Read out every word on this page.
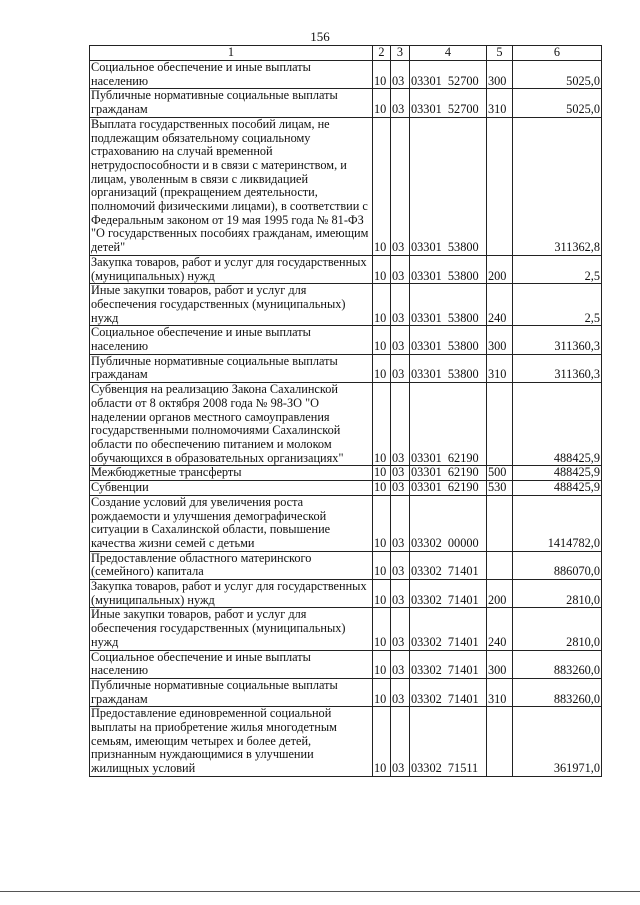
156
1	2	3	4	5	6
Социальное обеспечение и иные выплаты населению	10	03	03301  52700	300	5025,0
Публичные нормативные социальные выплаты гражданам	10	03	03301  52700	310	5025,0
Выплата государственных пособий лицам, не подлежащим обязательному социальному страхованию на случай временной нетрудоспособности и в связи с материнством, и лицам, уволенным в связи с ликвидацией организаций (прекращением деятельности, полномочий физическими лицами), в соответствии с Федеральным законом от 19 мая 1995 года № 81-ФЗ "О государственных пособиях гражданам, имеющим детей"	10	03	03301  53800		311362,8
Закупка товаров, работ и услуг для государственных (муниципальных) нужд	10	03	03301  53800	200	2,5
Иные закупки товаров, работ и услуг для обеспечения государственных (муниципальных) нужд	10	03	03301  53800	240	2,5
Социальное обеспечение и иные выплаты населению	10	03	03301  53800	300	311360,3
Публичные нормативные социальные выплаты гражданам	10	03	03301  53800	310	311360,3
Субвенция на реализацию Закона Сахалинской области от 8 октября 2008 года № 98-ЗО "О наделении органов местного самоуправления государственными полномочиями Сахалинской области по обеспечению питанием и молоком обучающихся в образовательных организациях"	10	03	03301  62190		488425,9
Межбюджетные трансферты	10	03	03301  62190	500	488425,9
Субвенции	10	03	03301  62190	530	488425,9
Создание условий для увеличения роста рождаемости и улучшения демографической ситуации в Сахалинской области, повышение качества жизни семей с детьми	10	03	03302  00000		1414782,0
Предоставление областного материнского (семейного) капитала	10	03	03302  71401		886070,0
Закупка товаров, работ и услуг для государственных (муниципальных) нужд	10	03	03302  71401	200	2810,0
Иные закупки товаров, работ и услуг для обеспечения государственных (муниципальных) нужд	10	03	03302  71401	240	2810,0
Социальное обеспечение и иные выплаты населению	10	03	03302  71401	300	883260,0
Публичные нормативные социальные выплаты гражданам	10	03	03302  71401	310	883260,0
Предоставление единовременной социальной выплаты на приобретение жилья многодетным семьям, имеющим четырех и более детей, признанным нуждающимися в улучшении жилищных условий	10	03	03302  71511		361971,0
